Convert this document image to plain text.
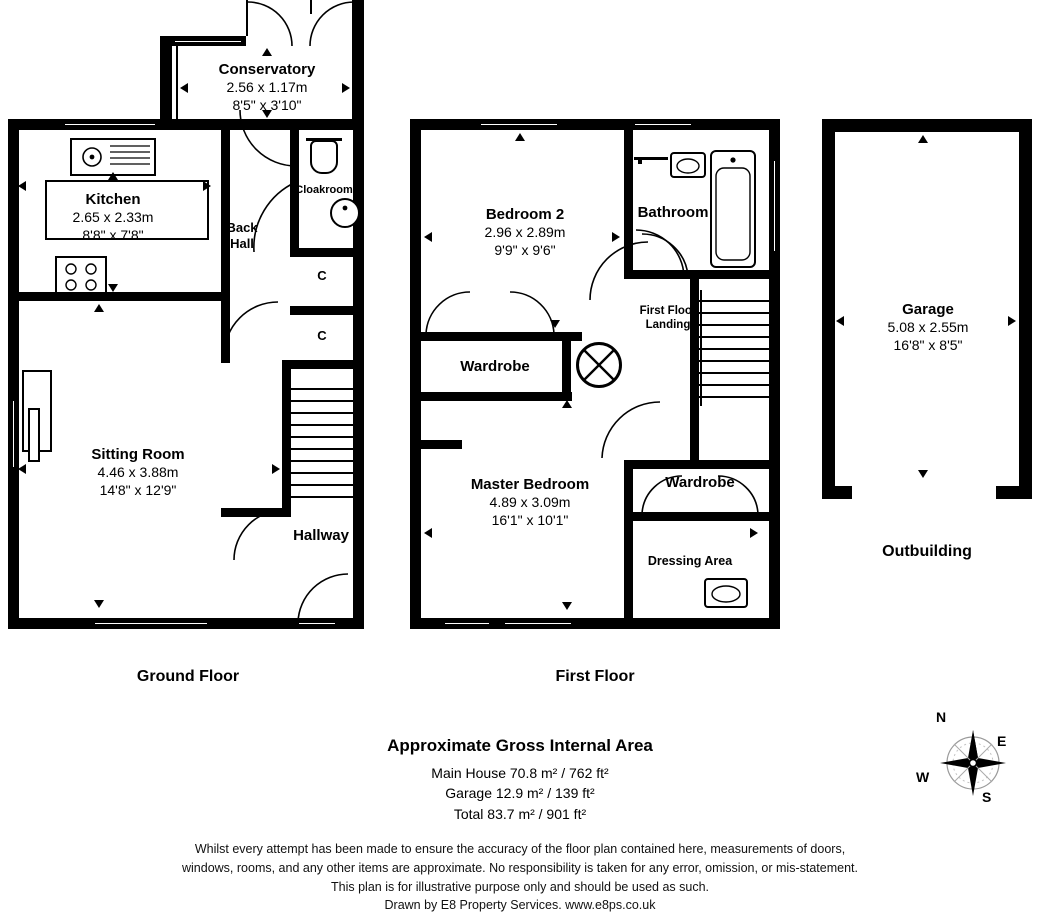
Conservatory
2.56 x 1.17m
8'5" x 3'10"
Kitchen
2.65 x 2.33m
8'8" x 7'8"
Cloakroom
Back
Hall
C
C
Hallway
Sitting Room
4.46 x 3.88m
14'8" x 12'9"
Ground Floor
Bedroom 2
2.96 x 2.89m
9'9" x 9'6"
Bathroom
First Floor
Landing
Wardrobe
Wardrobe
Dressing Area
Master Bedroom
4.89 x 3.09m
16'1" x 10'1"
First Floor
Garage
5.08 x 2.55m
16'8" x 8'5"
Outbuilding
Approximate Gross Internal Area
Main House 70.8 m² / 762 ft²
Garage 12.9 m² / 139 ft²
Total 83.7 m² / 901 ft²
N
E
S
W
Whilst every attempt has been made to ensure the accuracy of the floor plan contained here, measurements of doors,
windows, rooms, and any other items are approximate. No responsibility is taken for any error, omission, or mis-statement.
This plan is for illustrative purpose only and should be used as such.
Drawn by E8 Property Services. www.e8ps.co.uk
